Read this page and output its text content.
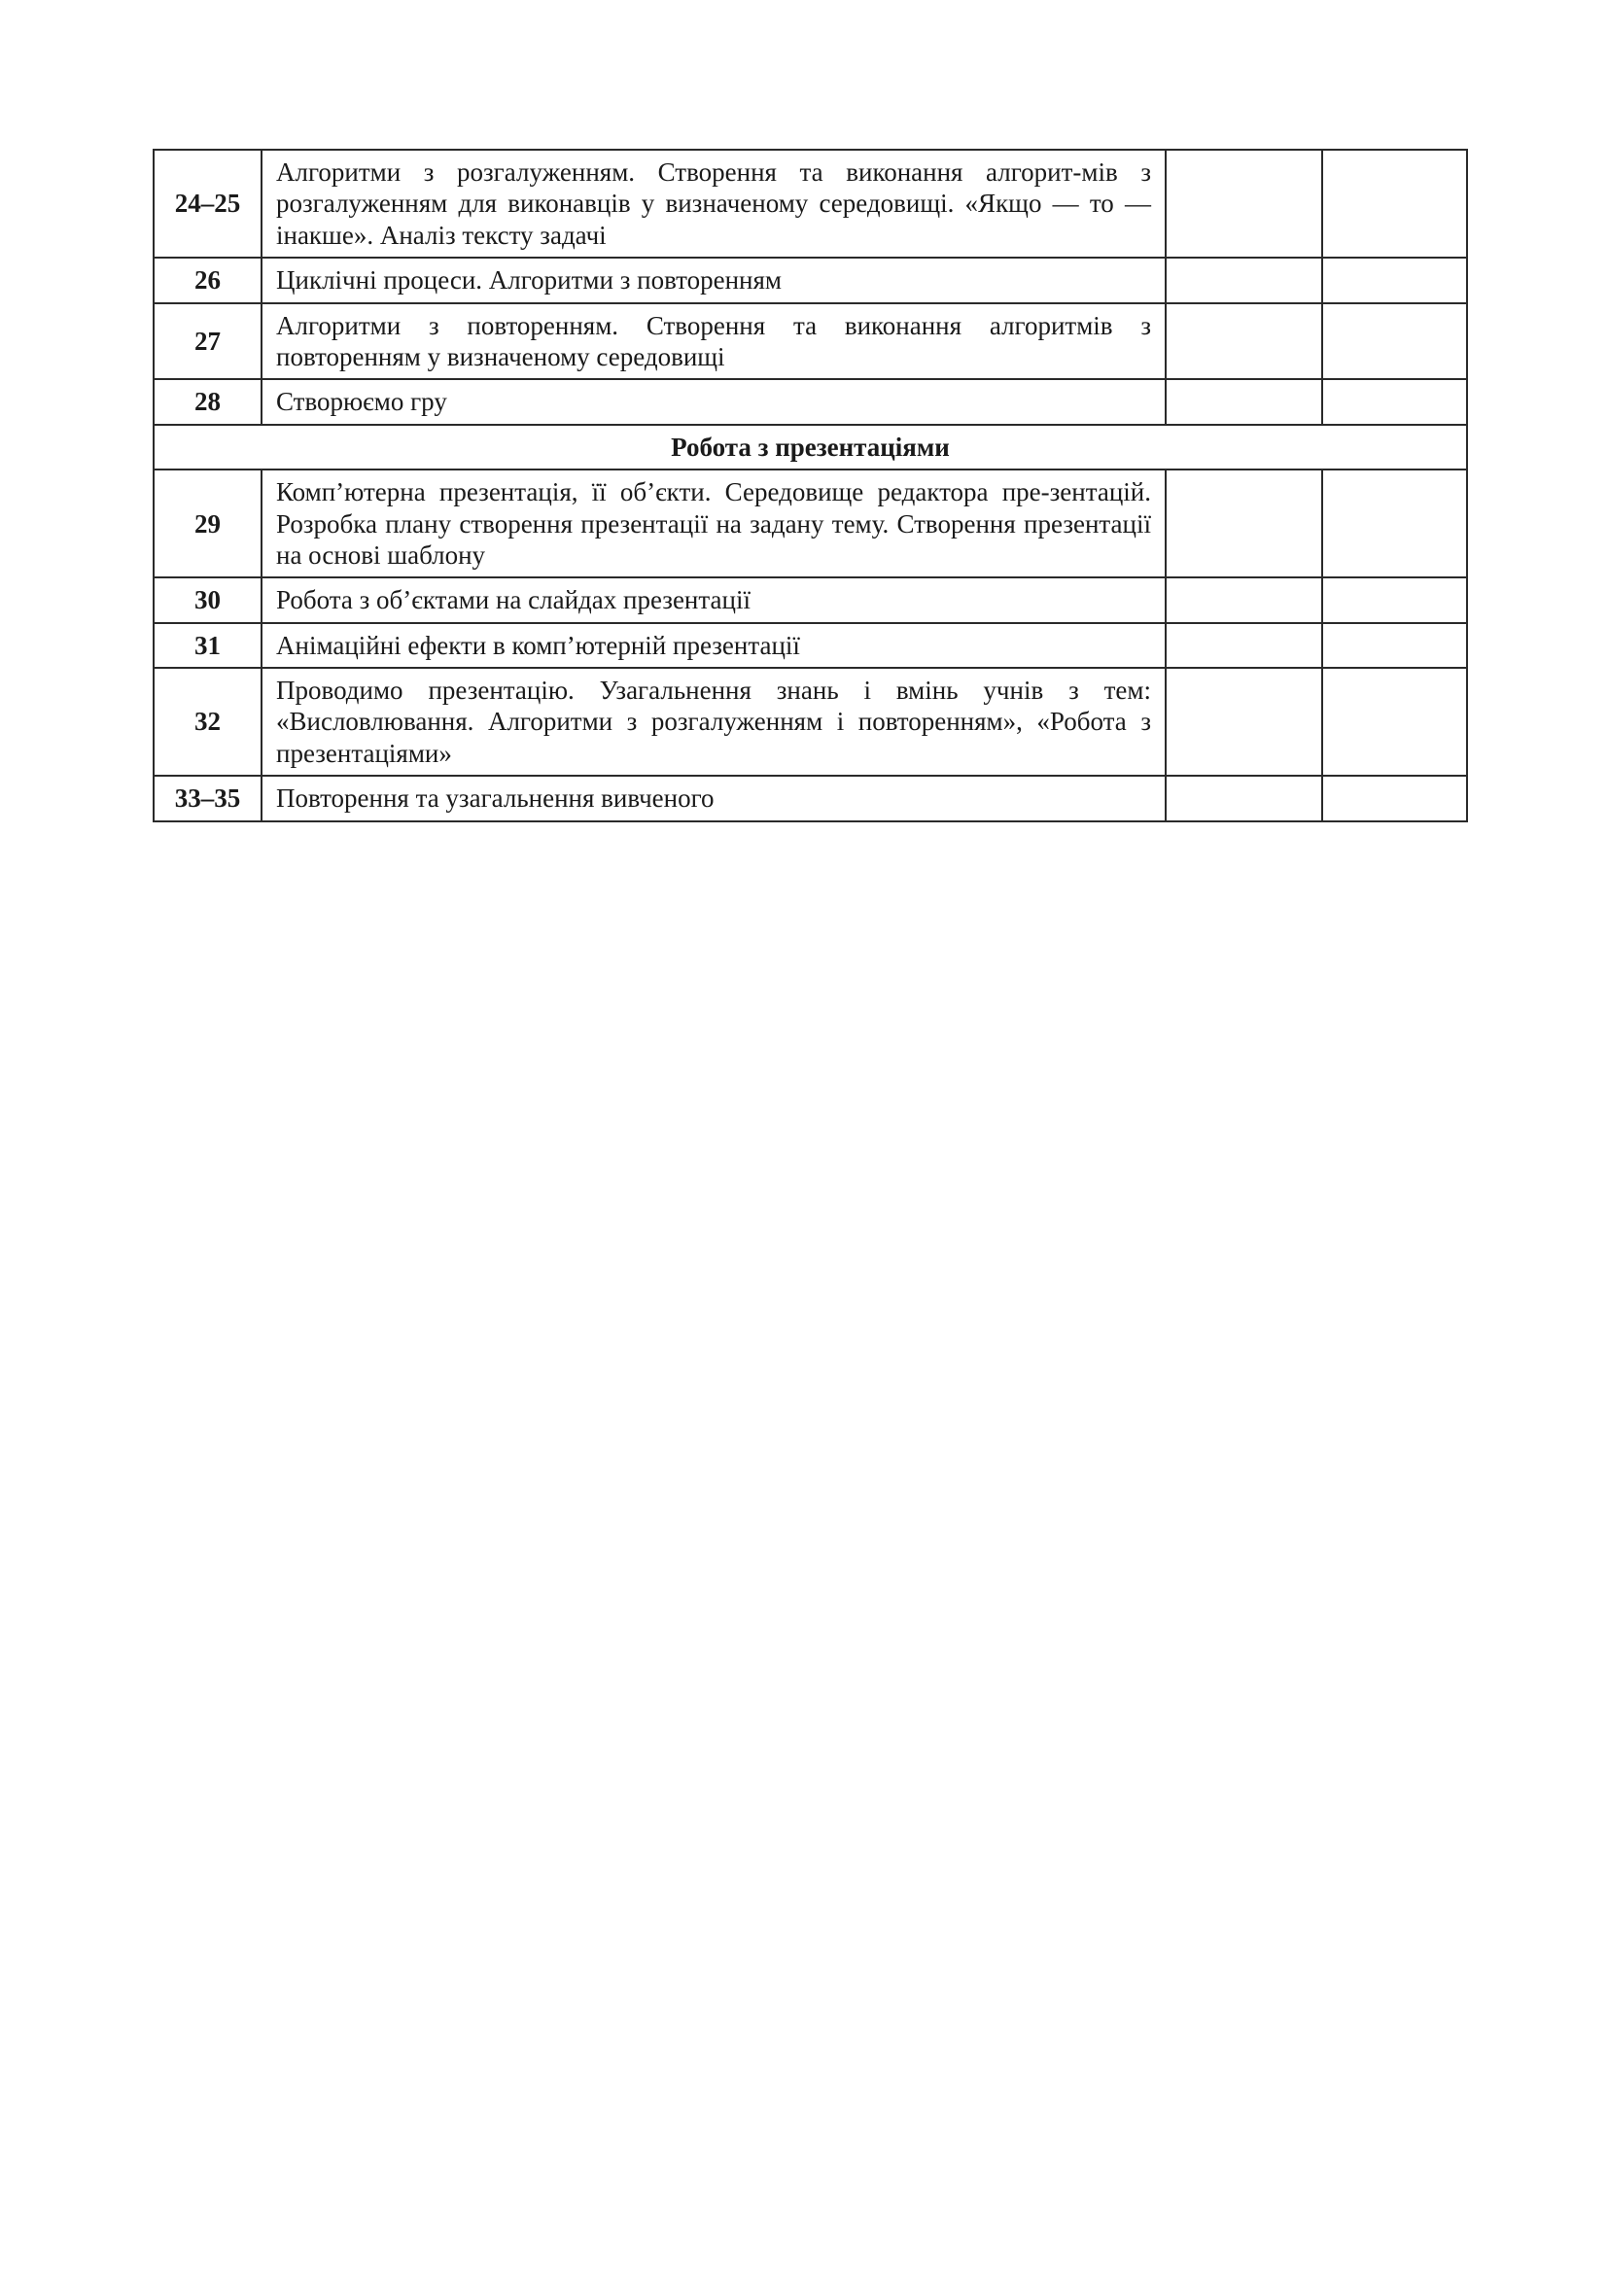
24–25	Алгоритми з розгалуженням. Створення та виконання алгорит-мів з розгалуженням для виконавців у визначеному середовищі. «Якщо — то — інакше». Аналіз тексту задачі		
26	Циклічні процеси. Алгоритми з повторенням		
27	Алгоритми з повторенням. Створення та виконання алгоритмів з повторенням у визначеному середовищі		
28	Створюємо гру		
Робота з презентаціями			
29	Комп’ютерна презентація, її об’єкти. Середовище редактора пре-зентацій. Розробка плану створення презентації на задану тему. Створення презентації на основі шаблону		
30	Робота з об’єктами на слайдах презентації		
31	Анімаційні ефекти в комп’ютерній презентації		
32	Проводимо презентацію. Узагальнення знань і вмінь учнів з тем: «Висловлювання. Алгоритми з розгалуженням і повторенням», «Робота з презентаціями»		
33–35	Повторення та узагальнення вивченого		
